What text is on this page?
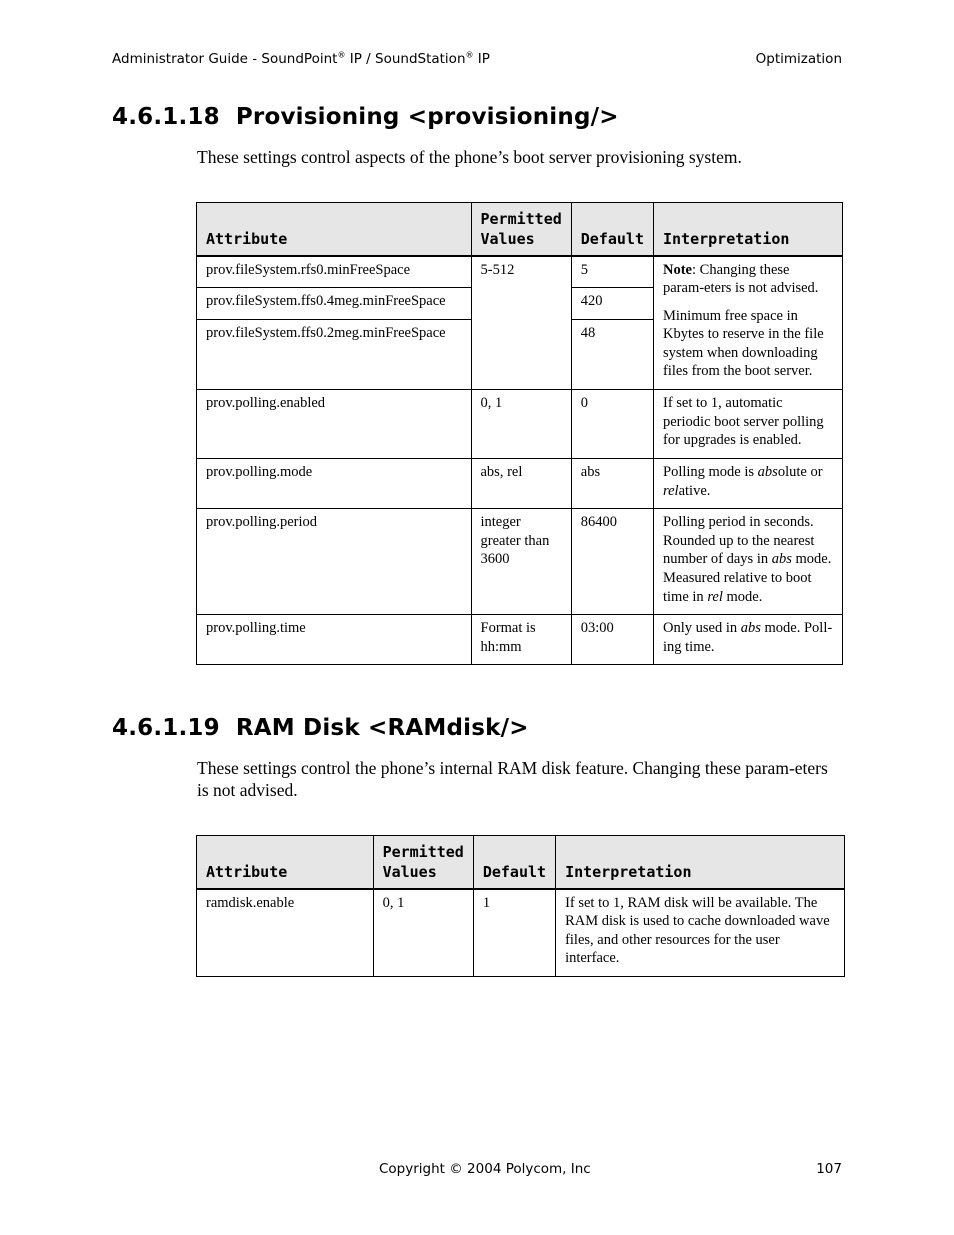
Administrator Guide - SoundPoint® IP / SoundStation® IP	Optimization
4.6.1.18 Provisioning <provisioning/>
These settings control aspects of the phone’s boot server provisioning system.
Attribute	Permitted Values	Default	Interpretation
prov.fileSystem.rfs0.minFreeSpace	5-512	5	Note: Changing these param-eters is not advised.
Minimum free space in Kbytes to reserve in the file system when downloading files from the boot server.

prov.fileSystem.ffs0.4meg.minFreeSpace		420	
prov.fileSystem.ffs0.2meg.minFreeSpace		48	
prov.polling.enabled	0, 1	0	If set to 1, automatic periodic boot server polling for upgrades is enabled.
prov.polling.mode	abs, rel	abs	Polling mode is absolute or relative.
prov.polling.period	integer greater than 3600	86400	Polling period in seconds. Rounded up to the nearest number of days in abs mode. Measured relative to boot time in rel mode.
prov.polling.time	Format is hh:mm	03:00	Only used in abs mode. Poll-ing time.
4.6.1.19 RAM Disk <RAMdisk/>
These settings control the phone’s internal RAM disk feature. Changing these param-eters is not advised.
Attribute	Permitted Values	Default	Interpretation
ramdisk.enable	0, 1	1	If set to 1, RAM disk will be available. The RAM disk is used to cache downloaded wave files, and other resources for the user interface.
Copyright © 2004 Polycom, Inc	107
